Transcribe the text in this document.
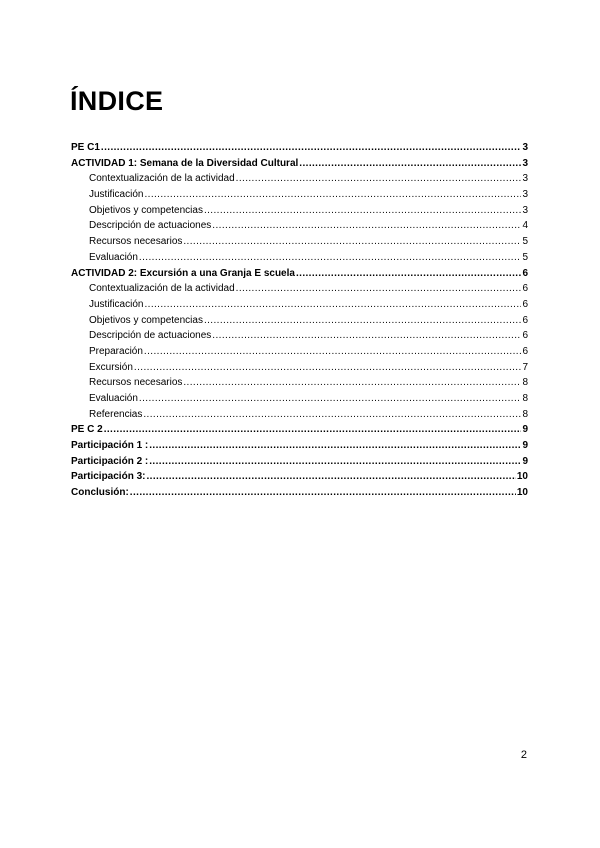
ÍNDICE
PE C1 .....	3
ACTIVIDAD 1: Semana de la Diversidad Cultural .....	3
Contextualización de la actividad .....	3
Justificación .....	3
Objetivos y competencias .....	3
Descripción de actuaciones .....	4
Recursos necesarios .....	5
Evaluación .....	5
ACTIVIDAD 2: Excursión a una Granja E scuela .....	6
Contextualización de la actividad .....	6
Justificación .....	6
Objetivos y competencias .....	6
Descripción de actuaciones .....	6
Preparación .....	6
Excursión .....	7
Recursos necesarios .....	8
Evaluación .....	8
Referencias .....	8
PE C 2 .....	9
Participación 1 : .....	9
Participación 2 : .....	9
Participación 3: .....	10
Conclusión: .....	10
2
